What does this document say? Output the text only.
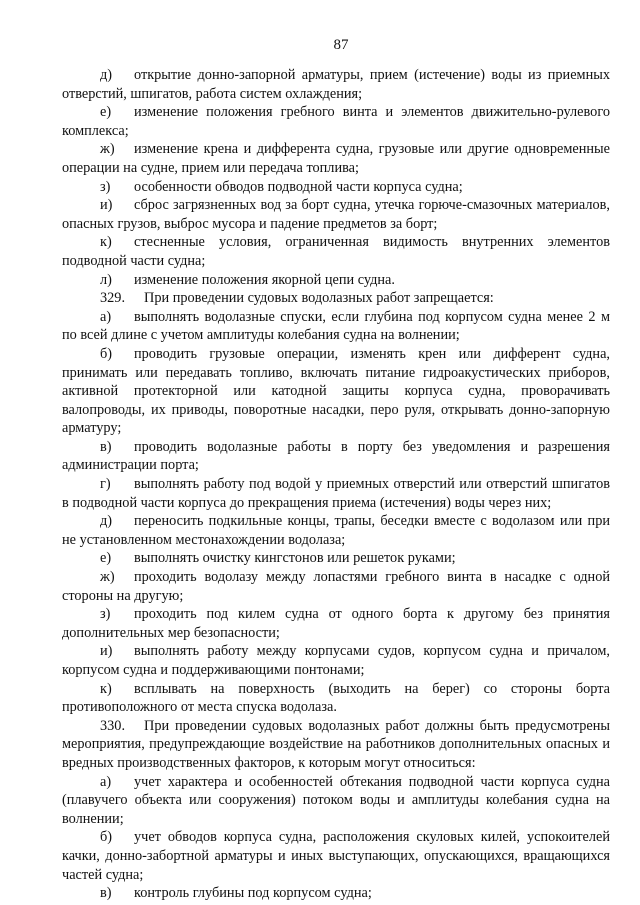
87

д) открытие донно-запорной арматуры, прием (истечение) воды из приемных отверстий, шпигатов, работа систем охлаждения;

е) изменение положения гребного винта и элементов движительно-рулевого комплекса;

ж) изменение крена и дифферента судна, грузовые или другие одновременные операции на судне, прием или передача топлива;

з) особенности обводов подводной части корпуса судна;

и) сброс загрязненных вод за борт судна, утечка горюче-смазочных материалов, опасных грузов, выброс мусора и падение предметов за борт;

к) стесненные условия, ограниченная видимость внутренних элементов подводной части судна;

л) изменение положения якорной цепи судна.

329. При проведении судовых водолазных работ запрещается:

а) выполнять водолазные спуски, если глубина под корпусом судна менее 2 м по всей длине с учетом амплитуды колебания судна на волнении;

б) проводить грузовые операции, изменять крен или дифферент судна, принимать или передавать топливо, включать питание гидроакустических приборов, активной протекторной или катодной защиты корпуса судна, проворачивать валопроводы, их приводы, поворотные насадки, перо руля, открывать донно-запорную арматуру;

в) проводить водолазные работы в порту без уведомления и разрешения администрации порта;

г) выполнять работу под водой у приемных отверстий или отверстий шпигатов в подводной части корпуса до прекращения приема (истечения) воды через них;

д) переносить подкильные концы, трапы, беседки вместе с водолазом или при не установленном местонахождении водолаза;

е) выполнять очистку кингстонов или решеток руками;

ж) проходить водолазу между лопастями гребного винта в насадке с одной стороны на другую;

з) проходить под килем судна от одного борта к другому без принятия дополнительных мер безопасности;

и) выполнять работу между корпусами судов, корпусом судна и причалом, корпусом судна и поддерживающими понтонами;

к) всплывать на поверхность (выходить на берег) со стороны борта противоположного от места спуска водолаза.

330. При проведении судовых водолазных работ должны быть предусмотрены мероприятия, предупреждающие воздействие на работников дополнительных опасных и вредных производственных факторов, к которым могут относиться:

а) учет характера и особенностей обтекания подводной части корпуса судна (плавучего объекта или сооружения) потоком воды и амплитуды колебания судна на волнении;

б) учет обводов корпуса судна, расположения скуловых килей, успокоителей качки, донно-забортной арматуры и иных выступающих, опускающихся, вращающихся частей судна;

в) контроль глубины под корпусом судна;
